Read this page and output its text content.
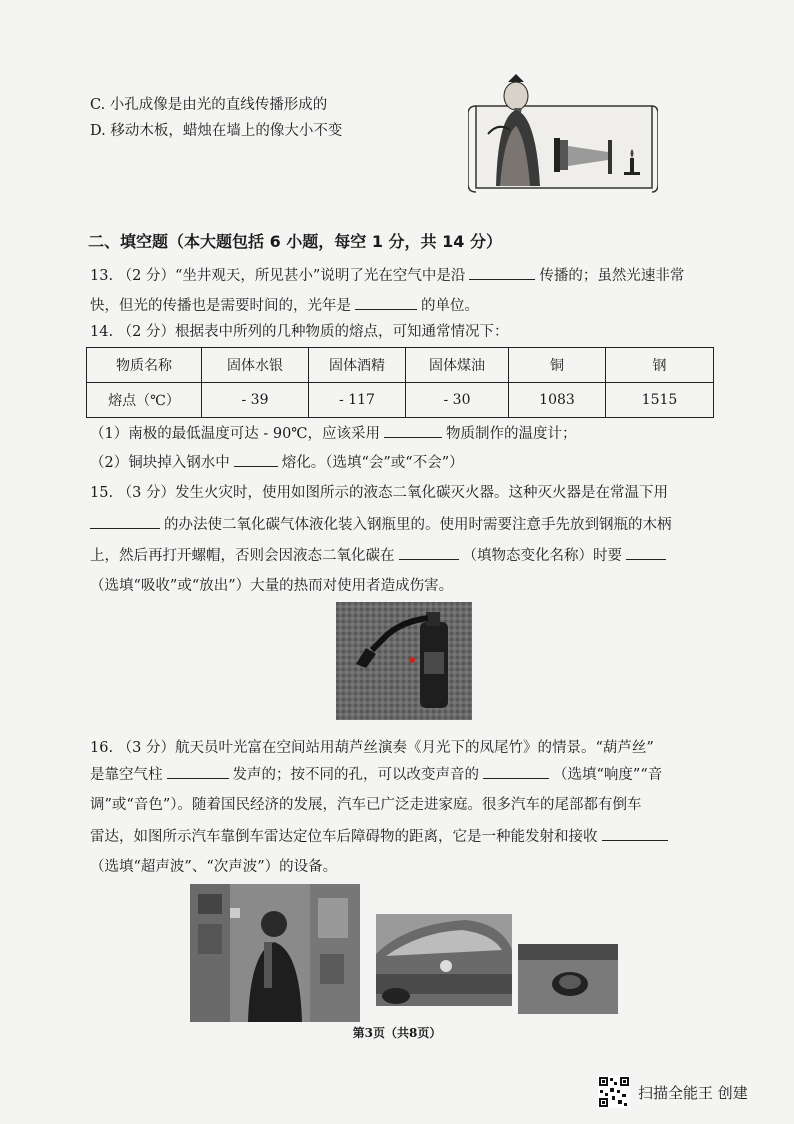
C. 小孔成像是由光的直线传播形成的
D. 移动木板，蜡烛在墙上的像大小不变
二、填空题（本大题包括 6 小题，每空 1 分，共 14 分）
13. （2 分）“坐井观天，所见甚小”说明了光在空气中是沿	传播的；虽然光速非常
快，但光的传播也是需要时间的，光年是	的单位。
14. （2 分）根据表中所列的几种物质的熔点，可知通常情况下：
物质名称	固体水银	固体酒精	固体煤油	铜	钢
熔点（℃）	- 39	- 117	- 30	1083	1515
（1）南极的最低温度可达 - 90℃，应该采用	物质制作的温度计；
（2）铜块掉入钢水中	熔化。（选填“会”或“不会”）
15. （3 分）发生火灾时，使用如图所示的液态二氧化碳灭火器。这种灭火器是在常温下用
的办法使二氧化碳气体液化装入钢瓶里的。使用时需要注意手先放到钢瓶的木柄
上，然后再打开螺帽，否则会因液态二氧化碳在	（填物态变化名称）时要
（选填“吸收”或“放出”）大量的热而对使用者造成伤害。
16. （3 分）航天员叶光富在空间站用葫芦丝演奏《月光下的凤尾竹》的情景。“葫芦丝”
是靠空气柱	发声的；按不同的孔，可以改变声音的	（选填“响度”“音
调”或“音色”）。随着国民经济的发展，汽车已广泛走进家庭。很多汽车的尾部都有倒车
雷达，如图所示汽车靠倒车雷达定位车后障碍物的距离，它是一种能发射和接收
（选填“超声波”、“次声波”）的设备。
第3页（共8页）
扫描全能王 创建
